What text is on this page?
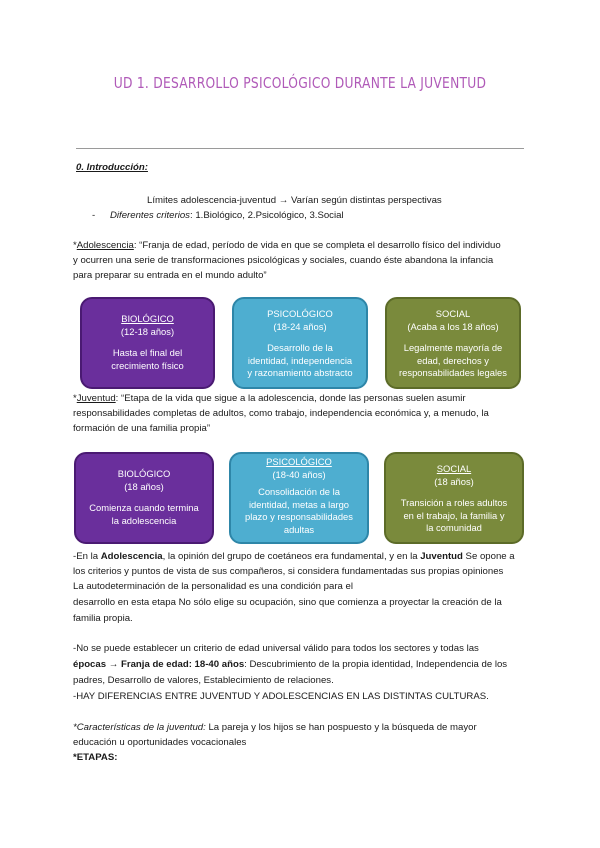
UD 1. DESARROLLO PSICOLÓGICO DURANTE LA JUVENTUD
0. Introducción:
Límites adolescencia-juventud → Varían según distintas perspectivas
- Diferentes criterios: 1.Biológico, 2.Psicológico, 3.Social
*Adolescencia: “Franja de edad, período de vida en que se completa el desarrollo físico del individuo
y ocurren una serie de transformaciones psicológicas y sociales, cuando éste abandona la infancia
para preparar su entrada en el mundo adulto”
BIOLÓGICO
(12-18 años)
Hasta el final del
crecimiento físico
PSICOLÓGICO
(18-24 años)
Desarrollo de la
identidad, independencia
y razonamiento abstracto
SOCIAL
(Acaba a los 18 años)
Legalmente mayoría de
edad, derechos y
responsabilidades legales
*Juventud: “Etapa de la vida que sigue a la adolescencia, donde las personas suelen asumir
responsabilidades completas de adultos, como trabajo, independencia económica y, a menudo, la
formación de una familia propia”
BIOLÓGICO
(18 años)
Comienza cuando termina
la adolescencia
PSICOLÓGICO
(18-40 años)
Consolidación de la
identidad, metas a largo
plazo y responsabilidades
adultas
SOCIAL
(18 años)
Transición a roles adultos
en el trabajo, la familia y
la comunidad
-En la Adolescencia, la opinión del grupo de coetáneos era fundamental, y en la Juventud Se opone a
los criterios y puntos de vista de sus compañeros, si considera fundamentadas sus propias opiniones
La autodeterminación de la personalidad es una condición para el
desarrollo en esta etapa No sólo elige su ocupación, sino que comienza a proyectar la creación de la
familia propia.
-No se puede establecer un criterio de edad universal válido para todos los sectores y todas las
épocas → Franja de edad: 18-40 años: Descubrimiento de la propia identidad, Independencia de los
padres, Desarrollo de valores, Establecimiento de relaciones.
-HAY DIFERENCIAS ENTRE JUVENTUD Y ADOLESCENCIAS EN LAS DISTINTAS CULTURAS.
*Características de la juventud: La pareja y los hijos se han pospuesto y la búsqueda de mayor
educación u oportunidades vocacionales
*ETAPAS:
